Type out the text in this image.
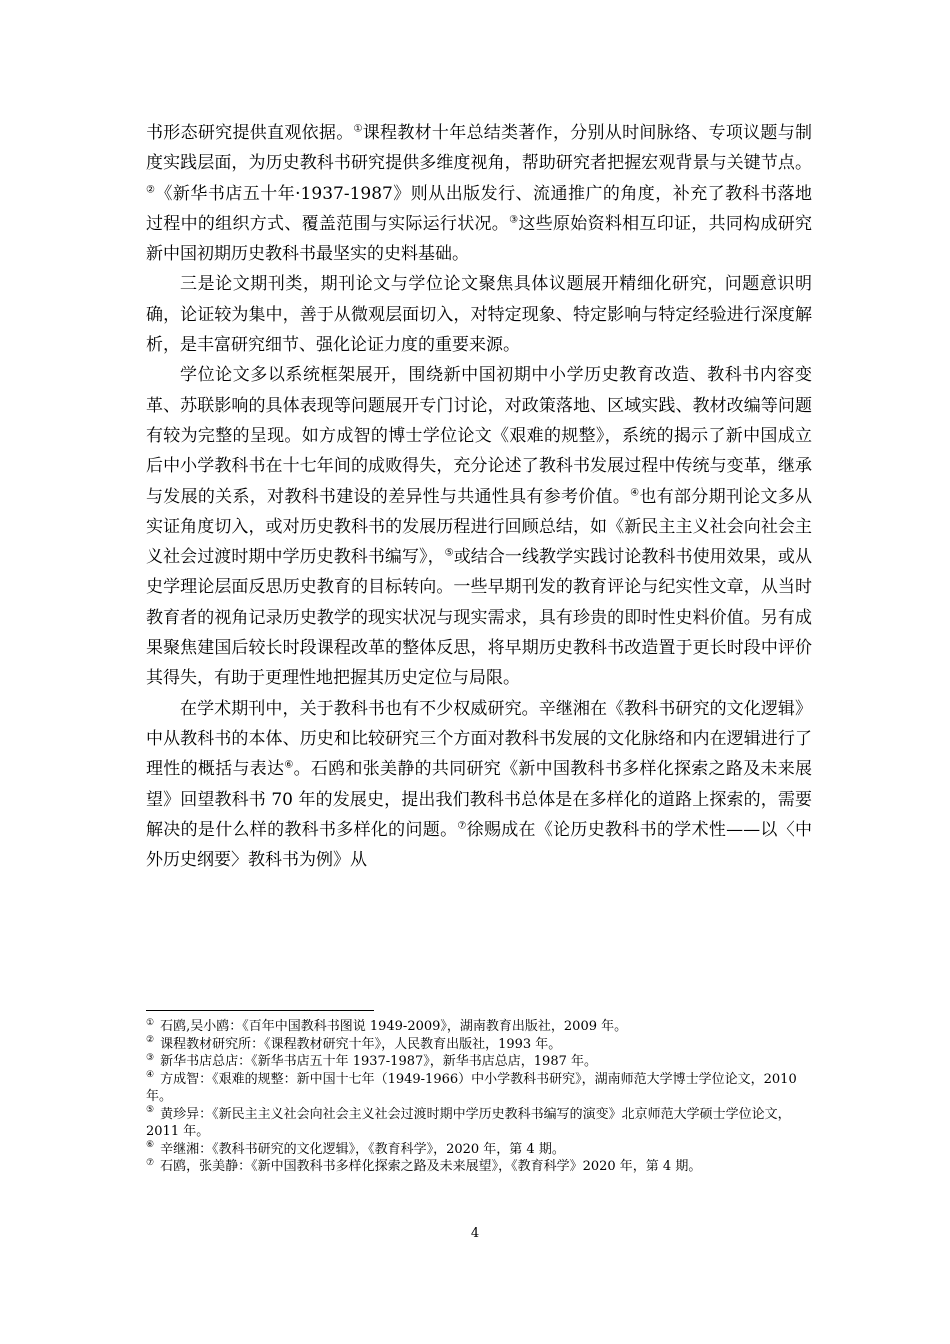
书形态研究提供直观依据。①课程教材十年总结类著作，分别从时间脉络、专项议题与制度实践层面，为历史教科书研究提供多维度视角，帮助研究者把握宏观背景与关键节点。②《新华书店五十年·1937-1987》则从出版发行、流通推广的角度，补充了教科书落地过程中的组织方式、覆盖范围与实际运行状况。③这些原始资料相互印证，共同构成研究新中国初期历史教科书最坚实的史料基础。

三是论文期刊类，期刊论文与学位论文聚焦具体议题展开精细化研究，问题意识明确，论证较为集中，善于从微观层面切入，对特定现象、特定影响与特定经验进行深度解析，是丰富研究细节、强化论证力度的重要来源。

学位论文多以系统框架展开，围绕新中国初期中小学历史教育改造、教科书内容变革、苏联影响的具体表现等问题展开专门讨论，对政策落地、区域实践、教材改编等问题有较为完整的呈现。如方成智的博士学位论文《艰难的规整》，系统的揭示了新中国成立后中小学教科书在十七年间的成败得失，充分论述了教科书发展过程中传统与变革，继承与发展的关系，对教科书建设的差异性与共通性具有参考价值。④也有部分期刊论文多从实证角度切入，或对历史教科书的发展历程进行回顾总结，如《新民主主义社会向社会主义社会过渡时期中学历史教科书编写》，⑤或结合一线教学实践讨论教科书使用效果，或从史学理论层面反思历史教育的目标转向。一些早期刊发的教育评论与纪实性文章，从当时教育者的视角记录历史教学的现实状况与现实需求，具有珍贵的即时性史料价值。另有成果聚焦建国后较长时段课程改革的整体反思，将早期历史教科书改造置于更长时段中评价其得失，有助于更理性地把握其历史定位与局限。

在学术期刊中，关于教科书也有不少权威研究。辛继湘在《教科书研究的文化逻辑》中从教科书的本体、历史和比较研究三个方面对教科书发展的文化脉络和内在逻辑进行了理性的概括与表达⑥。石鸥和张美静的共同研究《新中国教科书多样化探索之路及未来展望》回望教科书 70 年的发展史，提出我们教科书总体是在多样化的道路上探索的，需要解决的是什么样的教科书多样化的问题。⑦徐赐成在《论历史教科书的学术性——以〈中外历史纲要〉教科书为例》从

① 石鸥,吴小鸥：《百年中国教科书图说 1949-2009》，湖南教育出版社，2009 年。

② 课程教材研究所：《课程教材研究十年》，人民教育出版社，1993 年。

③ 新华书店总店：《新华书店五十年 1937-1987》，新华书店总店，1987 年。

④ 方成智：《艰难的规整：新中国十七年（1949-1966）中小学教科书研究》，湖南师范大学博士学位论文，2010 年。

⑤ 黄珍异：《新民主主义社会向社会主义社会过渡时期中学历史教科书编写的演变》北京师范大学硕士学位论文，2011 年。

⑥ 辛继湘：《教科书研究的文化逻辑》，《教育科学》，2020 年，第 4 期。

⑦ 石鸥，张美静：《新中国教科书多样化探索之路及未来展望》，《教育科学》2020 年，第 4 期。

4
